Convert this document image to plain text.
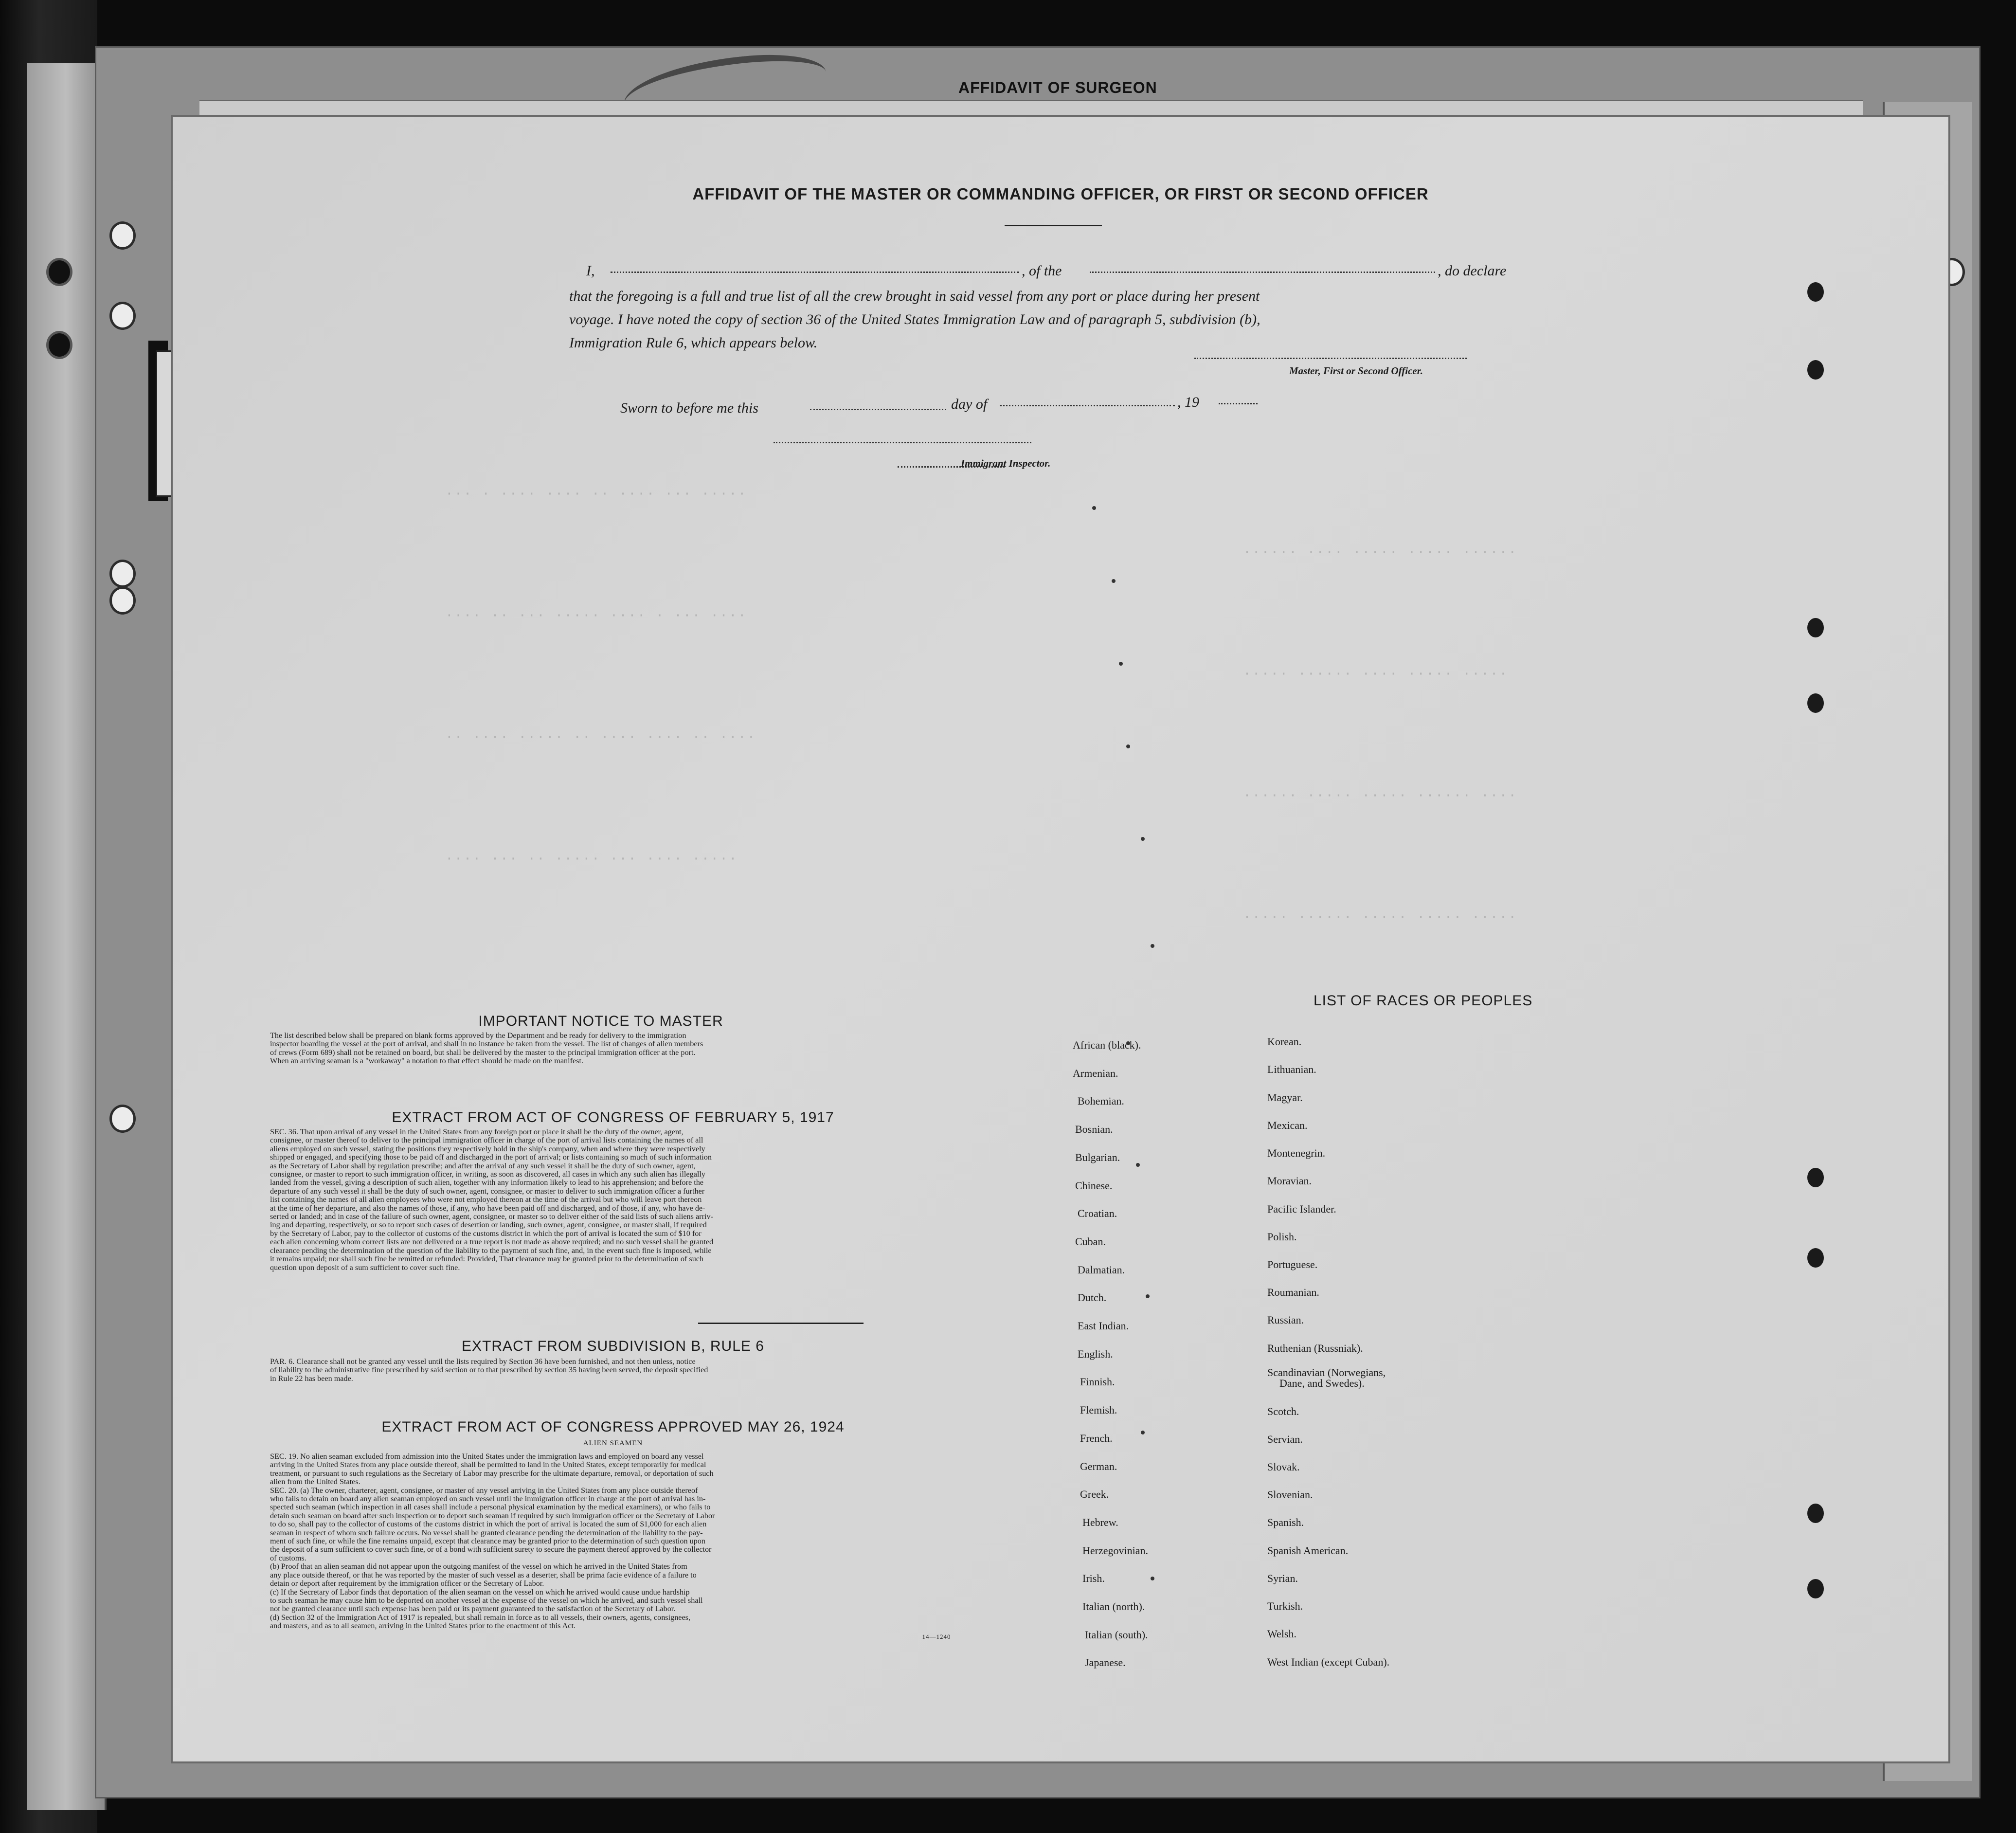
AFFIDAVIT OF SURGEON
··· · ···· ···· ·· ···· ··· ·····
···· ·· ··· ····· ···· · ··· ····
·· ···· ····· ·· ···· ···· ·· ····
···· ··· ·· ····· ··· ···· ·····
······ ···· ····· ····· ······
····· ······ ···· ····· ·····
······ ····· ····· ······ ····
····· ······ ····· ····· ·····
AFFIDAVIT OF THE MASTER OR COMMANDING OFFICER, OR FIRST OR SECOND OFFICER
I,	, of the	, do declare
that the foregoing is a full and true list of all the crew brought in said vessel from any port or place during her present
voyage. I have noted the copy of section 36 of the United States Immigration Law and of paragraph 5, subdivision (b),
Immigration Rule 6, which appears below.
Master, First or Second Officer.
Sworn to before me this	day of	, 19
Immigrant Inspector.
IMPORTANT NOTICE TO MASTER
The list described below shall be prepared on blank forms approved by the Department and be ready for delivery to the immigration
inspector boarding the vessel at the port of arrival, and shall in no instance be taken from the vessel. The list of changes of alien members
of crews (Form 689) shall not be retained on board, but shall be delivered by the master to the principal immigration officer at the port.
When an arriving seaman is a "workaway" a notation to that effect should be made on the manifest.
EXTRACT FROM ACT OF CONGRESS OF FEBRUARY 5, 1917
SEC. 36. That upon arrival of any vessel in the United States from any foreign port or place it shall be the duty of the owner, agent,
consignee, or master thereof to deliver to the principal immigration officer in charge of the port of arrival lists containing the names of all
aliens employed on such vessel, stating the positions they respectively hold in the ship's company, when and where they were respectively
shipped or engaged, and specifying those to be paid off and discharged in the port of arrival; or lists containing so much of such information
as the Secretary of Labor shall by regulation prescribe; and after the arrival of any such vessel it shall be the duty of such owner, agent,
consignee, or master to report to such immigration officer, in writing, as soon as discovered, all cases in which any such alien has illegally
landed from the vessel, giving a description of such alien, together with any information likely to lead to his apprehension; and before the
departure of any such vessel it shall be the duty of such owner, agent, consignee, or master to deliver to such immigration officer a further
list containing the names of all alien employees who were not employed thereon at the time of the arrival but who will leave port thereon
at the time of her departure, and also the names of those, if any, who have been paid off and discharged, and of those, if any, who have de-
serted or landed; and in case of the failure of such owner, agent, consignee, or master so to deliver either of the said lists of such aliens arriv-
ing and departing, respectively, or so to report such cases of desertion or landing, such owner, agent, consignee, or master shall, if required
by the Secretary of Labor, pay to the collector of customs of the customs district in which the port of arrival is located the sum of $10 for
each alien concerning whom correct lists are not delivered or a true report is not made as above required; and no such vessel shall be granted
clearance pending the determination of the question of the liability to the payment of such fine, and, in the event such fine is imposed, while
it remains unpaid; nor shall such fine be remitted or refunded: Provided, That clearance may be granted prior to the determination of such
question upon deposit of a sum sufficient to cover such fine.
EXTRACT FROM SUBDIVISION B, RULE 6
PAR. 6. Clearance shall not be granted any vessel until the lists required by Section 36 have been furnished, and not then unless, notice
of liability to the administrative fine prescribed by said section or to that prescribed by section 35 having been served, the deposit specified
in Rule 22 has been made.
EXTRACT FROM ACT OF CONGRESS APPROVED MAY 26, 1924
ALIEN SEAMEN
SEC. 19. No alien seaman excluded from admission into the United States under the immigration laws and employed on board any vessel
arriving in the United States from any place outside thereof, shall be permitted to land in the United States, except temporarily for medical
treatment, or pursuant to such regulations as the Secretary of Labor may prescribe for the ultimate departure, removal, or deportation of such
alien from the United States.
SEC. 20. (a) The owner, charterer, agent, consignee, or master of any vessel arriving in the United States from any place outside thereof
who fails to detain on board any alien seaman employed on such vessel until the immigration officer in charge at the port of arrival has in-
spected such seaman (which inspection in all cases shall include a personal physical examination by the medical examiners), or who fails to
detain such seaman on board after such inspection or to deport such seaman if required by such immigration officer or the Secretary of Labor
to do so, shall pay to the collector of customs of the customs district in which the port of arrival is located the sum of $1,000 for each alien
seaman in respect of whom such failure occurs. No vessel shall be granted clearance pending the determination of the liability to the pay-
ment of such fine, or while the fine remains unpaid, except that clearance may be granted prior to the determination of such question upon
the deposit of a sum sufficient to cover such fine, or of a bond with sufficient surety to secure the payment thereof approved by the collector
of customs.
(b) Proof that an alien seaman did not appear upon the outgoing manifest of the vessel on which he arrived in the United States from
any place outside thereof, or that he was reported by the master of such vessel as a deserter, shall be prima facie evidence of a failure to
detain or deport after requirement by the immigration officer or the Secretary of Labor.
(c) If the Secretary of Labor finds that deportation of the alien seaman on the vessel on which he arrived would cause undue hardship
to such seaman he may cause him to be deported on another vessel at the expense of the vessel on which he arrived, and such vessel shall
not be granted clearance until such expense has been paid or its payment guaranteed to the satisfaction of the Secretary of Labor.
(d) Section 32 of the Immigration Act of 1917 is repealed, but shall remain in force as to all vessels, their owners, agents, consignees,
and masters, and as to all seamen, arriving in the United States prior to the enactment of this Act.
14—1240
LIST OF RACES OR PEOPLES
African (black).
Armenian.
Bohemian.
Bosnian.
Bulgarian.
Chinese.
Croatian.
Cuban.
Dalmatian.
Dutch.
East Indian.
English.
Finnish.
Flemish.
French.
German.
Greek.
Hebrew.
Herzegovinian.
Irish.
Italian (north).
Italian (south).
Japanese.
Korean.
Lithuanian.
Magyar.
Mexican.
Montenegrin.
Moravian.
Pacific Islander.
Polish.
Portuguese.
Roumanian.
Russian.
Ruthenian (Russniak).
Scandinavian (Norwegians,
Dane, and Swedes).
Scotch.
Servian.
Slovak.
Slovenian.
Spanish.
Spanish American.
Syrian.
Turkish.
Welsh.
West Indian (except Cuban).
